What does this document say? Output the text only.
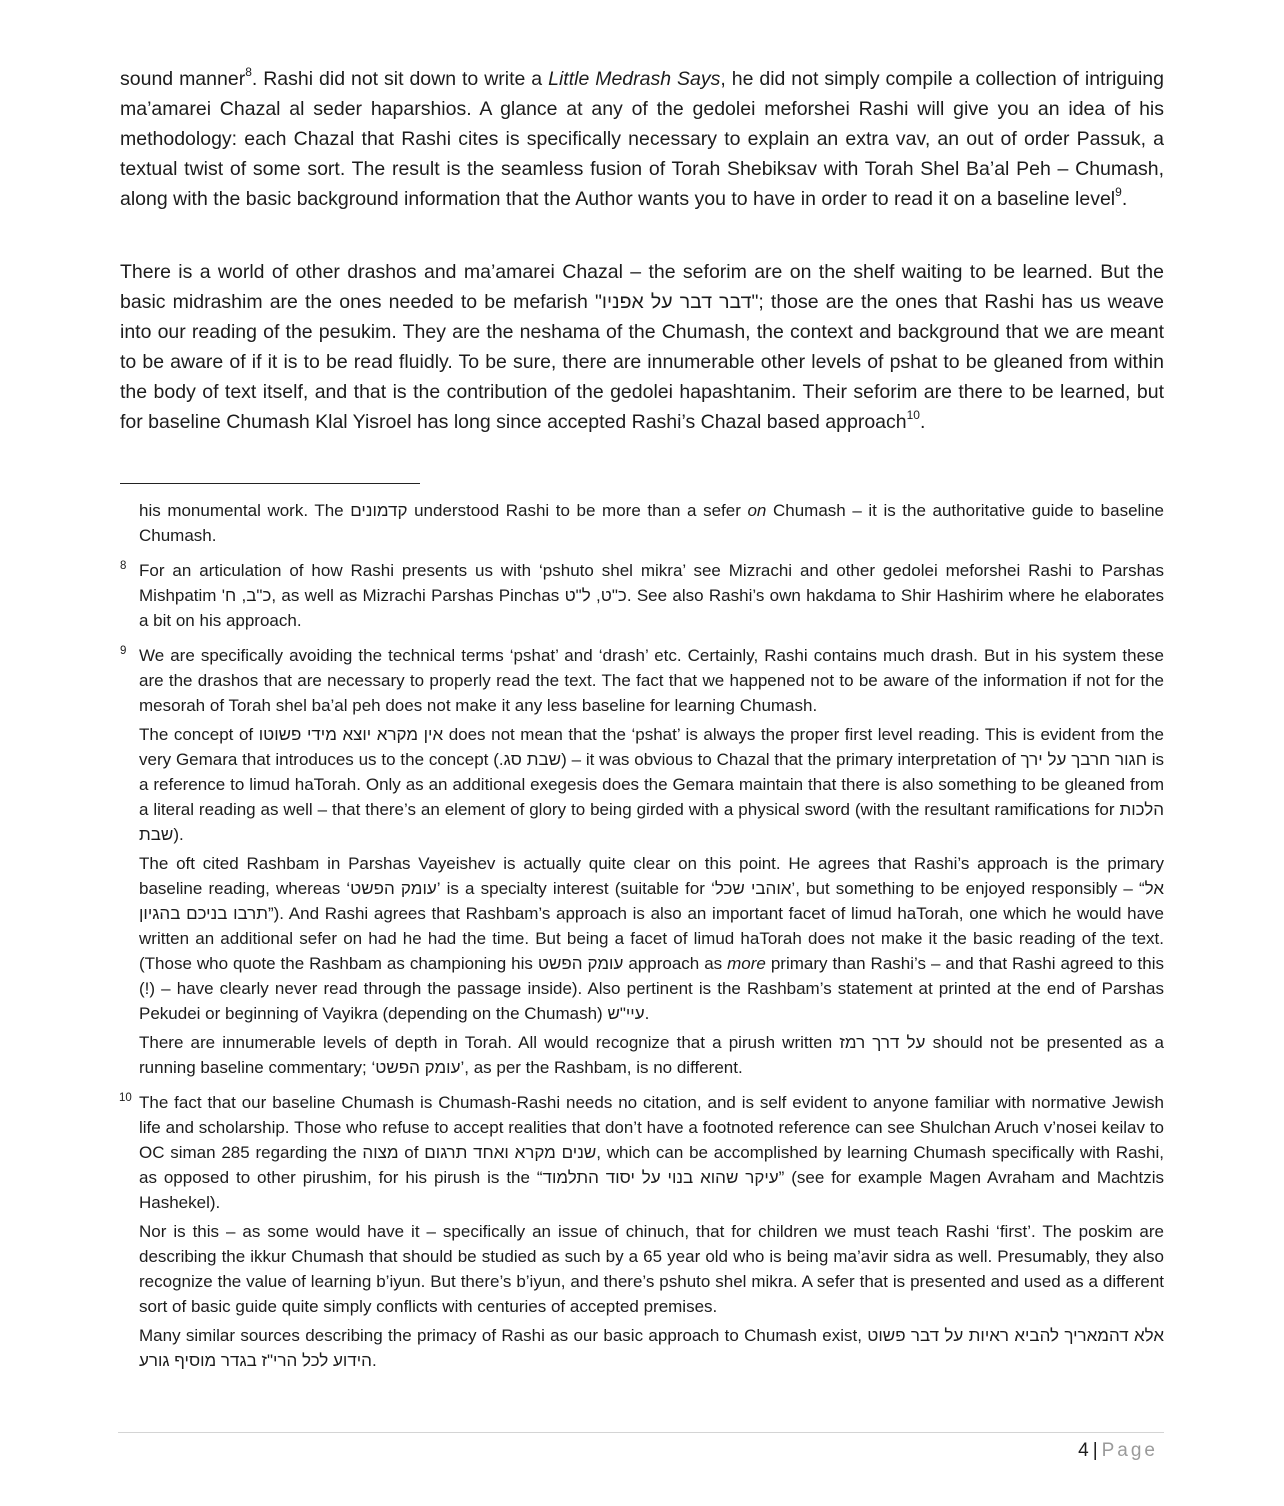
sound manner$^8$. Rashi did not sit down to write a Little Medrash Says, he did not simply compile a collection of intriguing ma’amarei Chazal al seder haparshios. A glance at any of the gedolei meforshei Rashi will give you an idea of his methodology: each Chazal that Rashi cites is specifically necessary to explain an extra vav, an out of order Passuk, a textual twist of some sort. The result is the seamless fusion of Torah Shebiksav with Torah Shel Ba’al Peh – Chumash, along with the basic background information that the Author wants you to have in order to read it on a baseline level$^9$.

There is a world of other drashos and ma’amarei Chazal – the seforim are on the shelf waiting to be learned. But the basic midrashim are the ones needed to be mefarish "דבר דבר על אפניו"; those are the ones that Rashi has us weave into our reading of the pesukim. They are the neshama of the Chumash, the context and background that we are meant to be aware of if it is to be read fluidly. To be sure, there are innumerable other levels of pshat to be gleaned from within the body of text itself, and that is the contribution of the gedolei hapashtanim. Their seforim are there to be learned, but for baseline Chumash Klal Yisroel has long since accepted Rashi’s Chazal based approach$^{10}$.

his monumental work. The קדמונים understood Rashi to be more than a sefer on Chumash – it is the authoritative guide to baseline Chumash.

8 For an articulation of how Rashi presents us with ‘pshuto shel mikra’ see Mizrachi and other gedolei meforshei Rashi to Parshas Mishpatim כ"ב, ח', as well as Mizrachi Parshas Pinchas כ"ט, ל"ט. See also Rashi’s own hakdama to Shir Hashirim where he elaborates a bit on his approach.

9 We are specifically avoiding the technical terms ‘pshat’ and ‘drash’ etc. Certainly, Rashi contains much drash. But in his system these are the drashos that are necessary to properly read the text. The fact that we happened not to be aware of the information if not for the mesorah of Torah shel ba’al peh does not make it any less baseline for learning Chumash.

The concept of אין מקרא יוצא מידי פשוטו does not mean that the ‘pshat’ is always the proper first level reading. This is evident from the very Gemara that introduces us to the concept (שבת סג.) – it was obvious to Chazal that the primary interpretation of חגור חרבך על ירך is a reference to limud haTorah. Only as an additional exegesis does the Gemara maintain that there is also something to be gleaned from a literal reading as well – that there’s an element of glory to being girded with a physical sword (with the resultant ramifications for הלכות שבת).

The oft cited Rashbam in Parshas Vayeishev is actually quite clear on this point. He agrees that Rashi’s approach is the primary baseline reading, whereas ‘עומק הפשט’ is a specialty interest (suitable for ‘אוהבי שכל’, but something to be enjoyed responsibly – “אל תרבו בניכם בהגיון”). And Rashi agrees that Rashbam’s approach is also an important facet of limud haTorah, one which he would have written an additional sefer on had he had the time. But being a facet of limud haTorah does not make it the basic reading of the text. (Those who quote the Rashbam as championing his עומק הפשט approach as more primary than Rashi’s – and that Rashi agreed to this (!) – have clearly never read through the passage inside). Also pertinent is the Rashbam’s statement at printed at the end of Parshas Pekudei or beginning of Vayikra (depending on the Chumash) עיי"ש.

There are innumerable levels of depth in Torah. All would recognize that a pirush written על דרך רמז should not be presented as a running baseline commentary; ‘עומק הפשט’, as per the Rashbam, is no different.

10 The fact that our baseline Chumash is Chumash-Rashi needs no citation, and is self evident to anyone familiar with normative Jewish life and scholarship. Those who refuse to accept realities that don’t have a footnoted reference can see Shulchan Aruch v’nosei keilav to OC siman 285 regarding the מצוה of שנים מקרא ואחד תרגום, which can be accomplished by learning Chumash specifically with Rashi, as opposed to other pirushim, for his pirush is the “עיקר שהוא בנוי על יסוד התלמוד” (see for example Magen Avraham and Machtzis Hashekel).

Nor is this – as some would have it – specifically an issue of chinuch, that for children we must teach Rashi ‘first’. The poskim are describing the ikkur Chumash that should be studied as such by a 65 year old who is being ma’avir sidra as well. Presumably, they also recognize the value of learning b’iyun. But there’s b’iyun, and there’s pshuto shel mikra. A sefer that is presented and used as a different sort of basic guide quite simply conflicts with centuries of accepted premises.

Many similar sources describing the primacy of Rashi as our basic approach to Chumash exist, אלא דהמאריך להביא ראיות על דבר פשוט הידוע לכל הרי"ז בגדר מוסיף גורע.

4 | Page
